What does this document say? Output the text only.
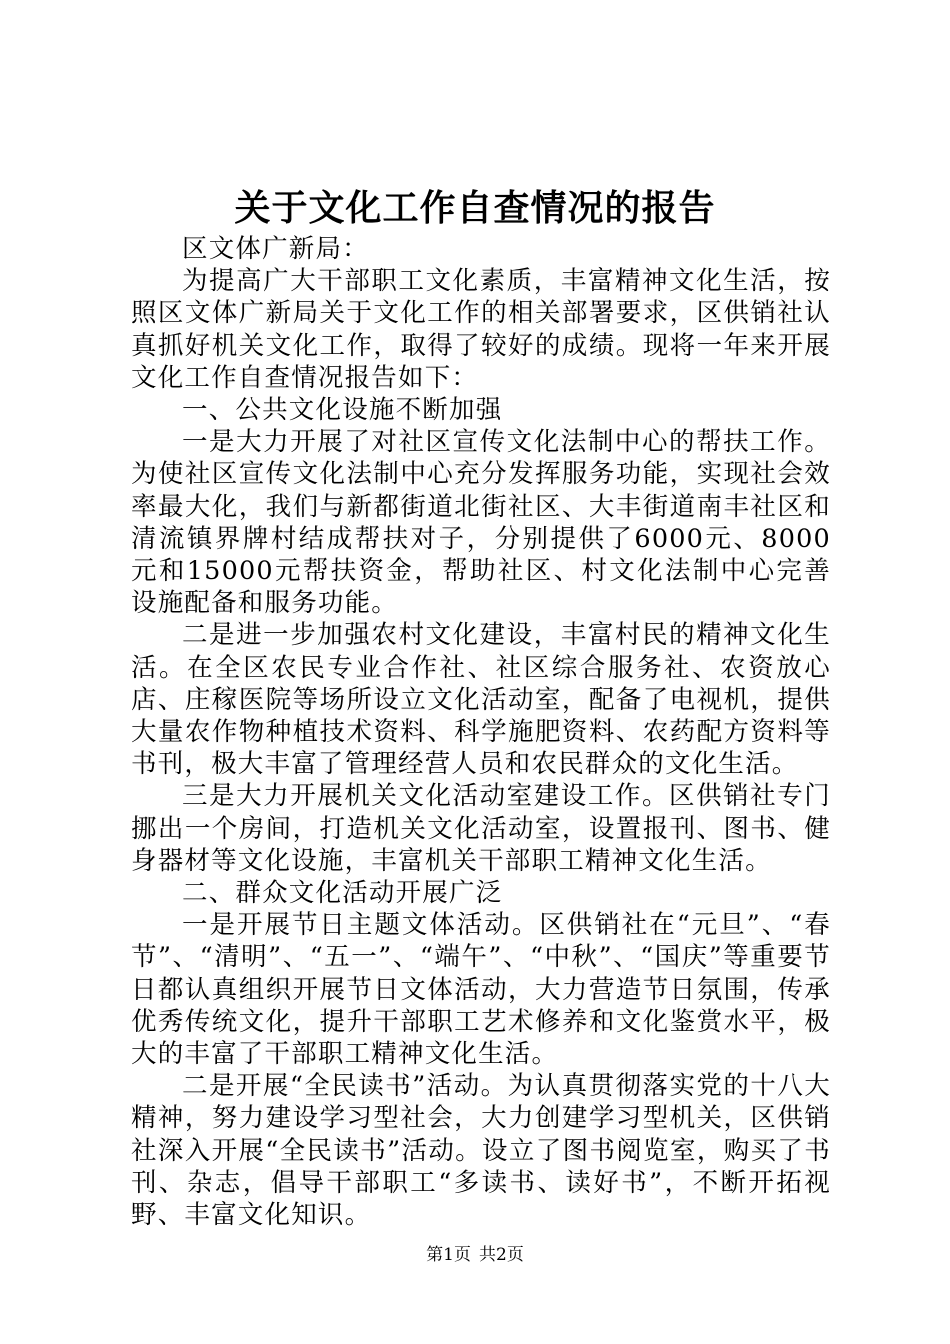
关于文化工作自查情况的报告

区文体广新局：

为提高广大干部职工文化素质，丰富精神文化生活，按照区文体广新局关于文化工作的相关部署要求，区供销社认真抓好机关文化工作，取得了较好的成绩。现将一年来开展文化工作自查情况报告如下：

一、公共文化设施不断加强

一是大力开展了对社区宣传文化法制中心的帮扶工作。为使社区宣传文化法制中心充分发挥服务功能，实现社会效率最大化，我们与新都街道北街社区、大丰街道南丰社区和清流镇界牌村结成帮扶对子，分别提供了6000元、8000元和15000元帮扶资金，帮助社区、村文化法制中心完善设施配备和服务功能。

二是进一步加强农村文化建设，丰富村民的精神文化生活。在全区农民专业合作社、社区综合服务社、农资放心店、庄稼医院等场所设立文化活动室，配备了电视机，提供大量农作物种植技术资料、科学施肥资料、农药配方资料等书刊，极大丰富了管理经营人员和农民群众的文化生活。

三是大力开展机关文化活动室建设工作。区供销社专门挪出一个房间，打造机关文化活动室，设置报刊、图书、健身器材等文化设施，丰富机关干部职工精神文化生活。

二、群众文化活动开展广泛

一是开展节日主题文体活动。区供销社在“元旦”、“春节”、“清明”、“五一”、“端午”、“中秋”、“国庆”等重要节日都认真组织开展节日文体活动，大力营造节日氛围，传承优秀传统文化，提升干部职工艺术修养和文化鉴赏水平，极大的丰富了干部职工精神文化生活。

二是开展“全民读书”活动。为认真贯彻落实党的十八大精神，努力建设学习型社会，大力创建学习型机关，区供销社深入开展“全民读书”活动。设立了图书阅览室，购买了书刊、杂志，倡导干部职工“多读书、读好书”，不断开拓视野、丰富文化知识。

第1页 共2页
